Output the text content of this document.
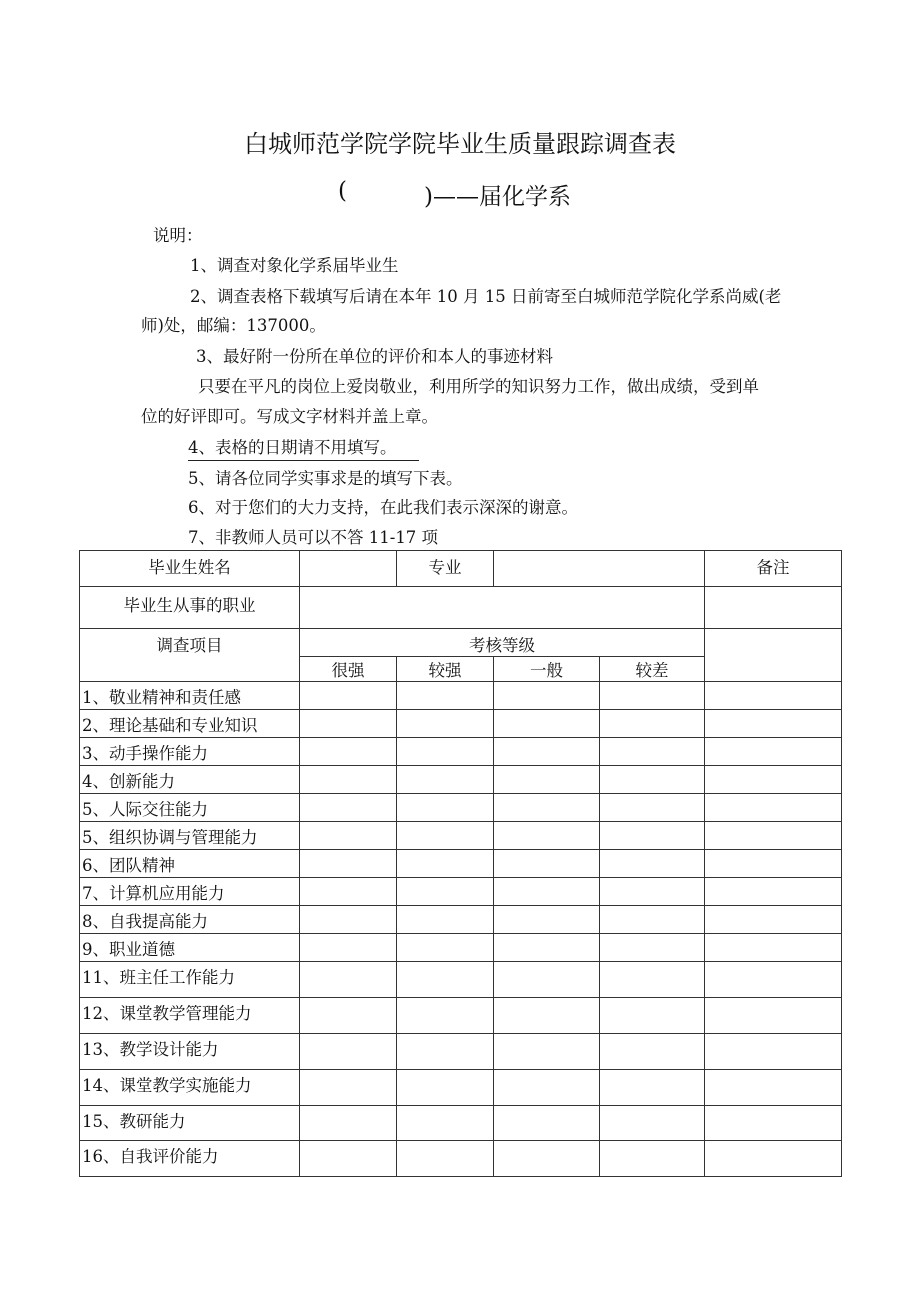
白城师范学院学院毕业生质量跟踪调查表
(	)——届化学系
说明：
1、调查对象化学系届毕业生
2、调查表格下载填写后请在本年 10 月 15 日前寄至白城师范学院化学系尚威(老
师)处，邮编：137000。
3、最好附一份所在单位的评价和本人的事迹材料
只要在平凡的岗位上爱岗敬业，利用所学的知识努力工作，做出成绩，受到单
位的好评即可。写成文字材料并盖上章。
4、表格的日期请不用填写。
5、请各位同学实事求是的填写下表。
6、对于您们的大力支持，在此我们表示深深的谢意。
7、非教师人员可以不答 11-17 项
毕业生姓名		专业			备注

毕业生从事的职业					

调查项目	考核等级				

	很强	较强	一般	较差	

1、敬业精神和责任感					

2、理论基础和专业知识					

3、动手操作能力					

4、创新能力					

5、人际交往能力					

5、组织协调与管理能力					

6、团队精神					

7、计算机应用能力					

8、自我提高能力					

9、职业道德					

11、班主任工作能力					

12、课堂教学管理能力					

13、教学设计能力					

14、课堂教学实施能力					

15、教研能力					

16、自我评价能力					
